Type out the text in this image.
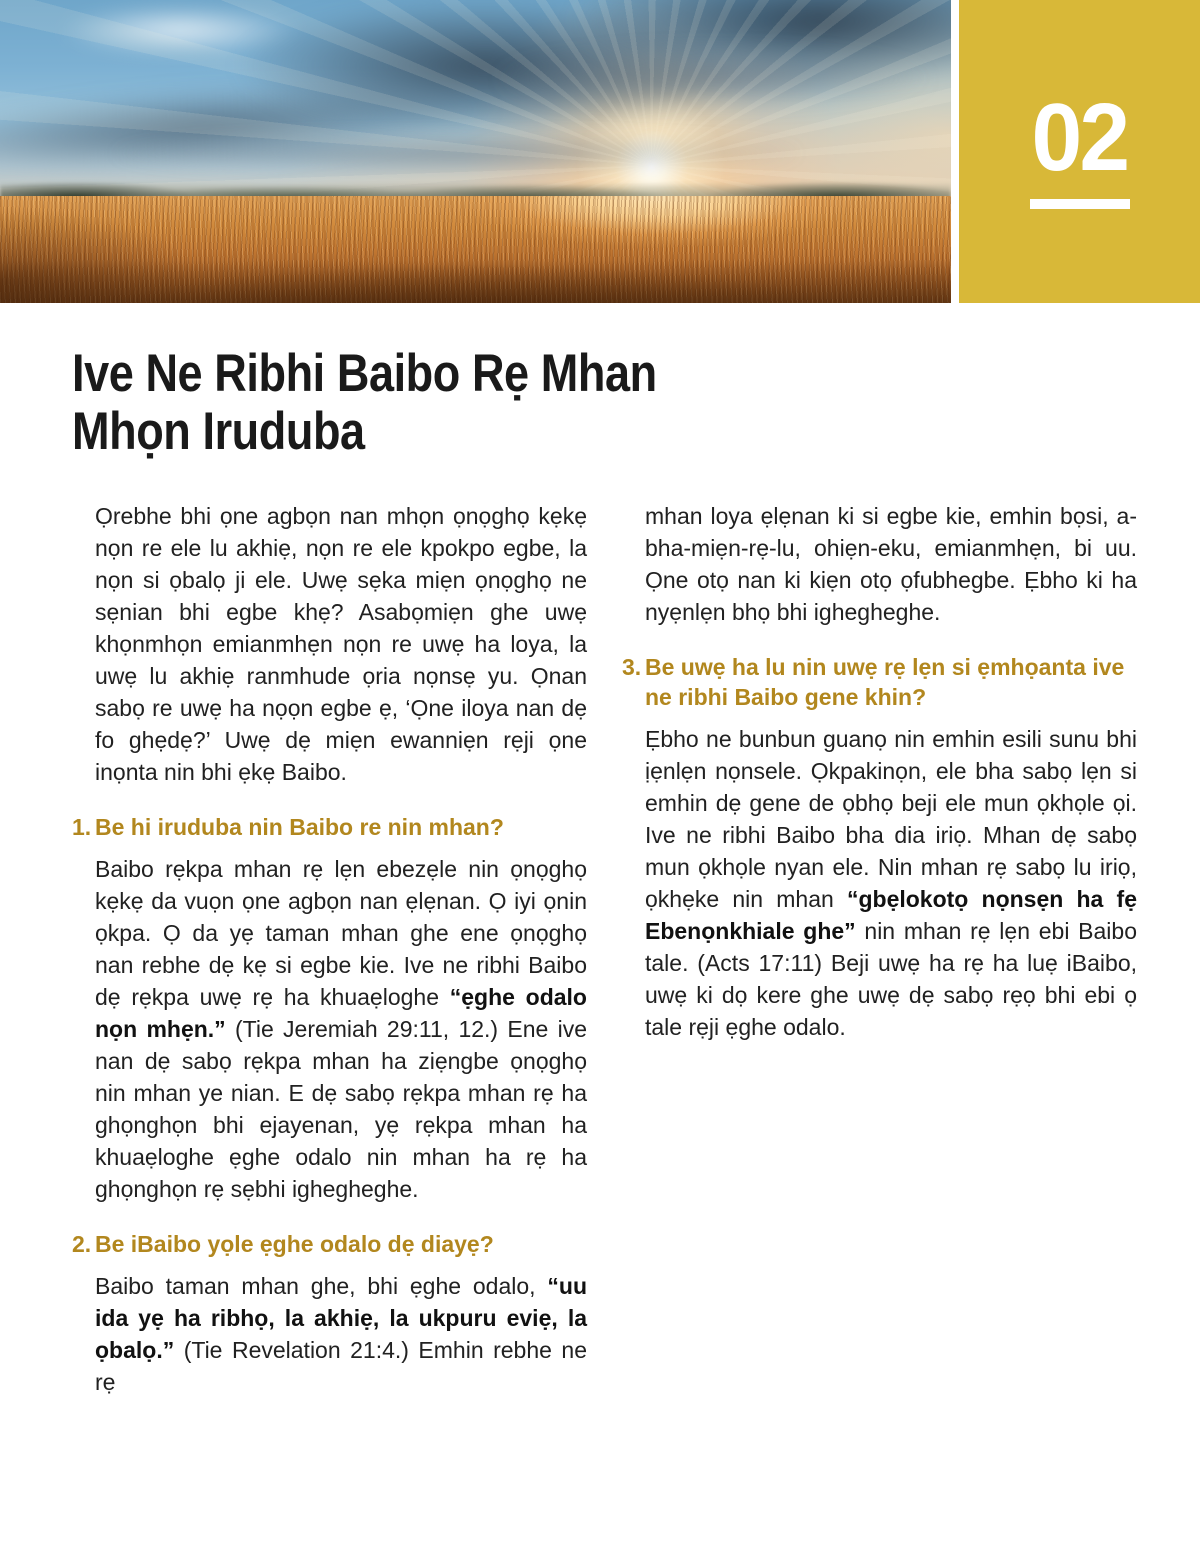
02
Ive Ne Ribhi Baibo Rẹ Mhan
Mhọn Iruduba

Ọrebhe bhi ọne agbọn nan mhọn ọnọghọ kẹkẹ nọn re ele lu akhiẹ, nọn re ele kpokpo egbe, la nọn si ọbalọ ji ele. Uwẹ sẹka miẹn ọnọghọ ne sẹnian bhi egbe khẹ? Asabọmiẹn ghe uwẹ khọnmhọn emianmhẹn nọn re uwẹ ha loya, la uwẹ lu akhiẹ ranmhude ọria nọnsẹ yu. Ọnan sabọ re uwẹ ha nọọn egbe ẹ, ‘Ọne iloya nan dẹ fo ghẹdẹ?’ Uwẹ dẹ miẹn ewanniẹn rẹji ọne inọnta nin bhi ẹkẹ Baibo.

1. Be hi iruduba nin Baibo re nin mhan?

Baibo rẹkpa mhan rẹ lẹn ebezẹle nin ọnọghọ kẹkẹ da vuọn ọne agbọn nan ẹlẹnan. Ọ iyi ọnin ọkpa. Ọ da yẹ taman mhan ghe ene ọnọghọ nan rebhe dẹ kẹ si egbe kie. Ive ne ribhi Baibo dẹ rẹkpa uwẹ rẹ ha khuaẹloghe “ẹghe odalo nọn mhẹn.” (Tie Jeremiah 29:11, 12.) Ene ive nan dẹ sabọ rẹkpa mhan ha ziẹngbe ọnọghọ nin mhan ye nian. E dẹ sabọ rẹkpa mhan rẹ ha ghọnghọn bhi ejayenan, yẹ rẹkpa mhan ha khuaẹloghe ẹghe odalo nin mhan ha rẹ ha ghọnghọn rẹ sẹbhi ighegheghe.

2. Be iBaibo yọle ẹghe odalo dẹ diayẹ?

Baibo taman mhan ghe, bhi ẹghe odalo, “uu ida yẹ ha ribhọ, la akhiẹ, la ukpuru eviẹ, la ọbalọ.” (Tie Revelation 21:4.) Emhin rebhe ne rẹ

mhan loya ẹlẹnan ki si egbe kie, emhin bọsi, a-bha-miẹn-rẹ-lu, ohiẹn-eku, emianmhẹn, bi uu. Ọne otọ nan ki kiẹn otọ ọfubhegbe. Ẹbho ki ha nyẹnlẹn bhọ bhi ighegheghe.

3. Be uwẹ ha lu nin uwẹ rẹ lẹn si ẹmhọanta ive ne ribhi Baibo gene khin?

Ẹbho ne bunbun guanọ nin emhin esili sunu bhi ịẹnlẹn nọnsele. Ọkpakinọn, ele bha sabọ lẹn si emhin dẹ gene de ọbhọ beji ele mun ọkhọle ọi. Ive ne ribhi Baibo bha dia iriọ. Mhan dẹ sabọ mun ọkhọle nyan ele. Nin mhan rẹ sabọ lu iriọ, ọkhẹke nin mhan “gbẹlokotọ nọnsẹn ha fẹ Ebenọnkhiale ghe” nin mhan rẹ lẹn ebi Baibo tale. (Acts 17:11) Beji uwẹ ha rẹ ha luẹ iBaibo, uwẹ ki dọ kere ghe uwẹ dẹ sabọ rẹọ bhi ebi ọ tale rẹji ẹghe odalo.
